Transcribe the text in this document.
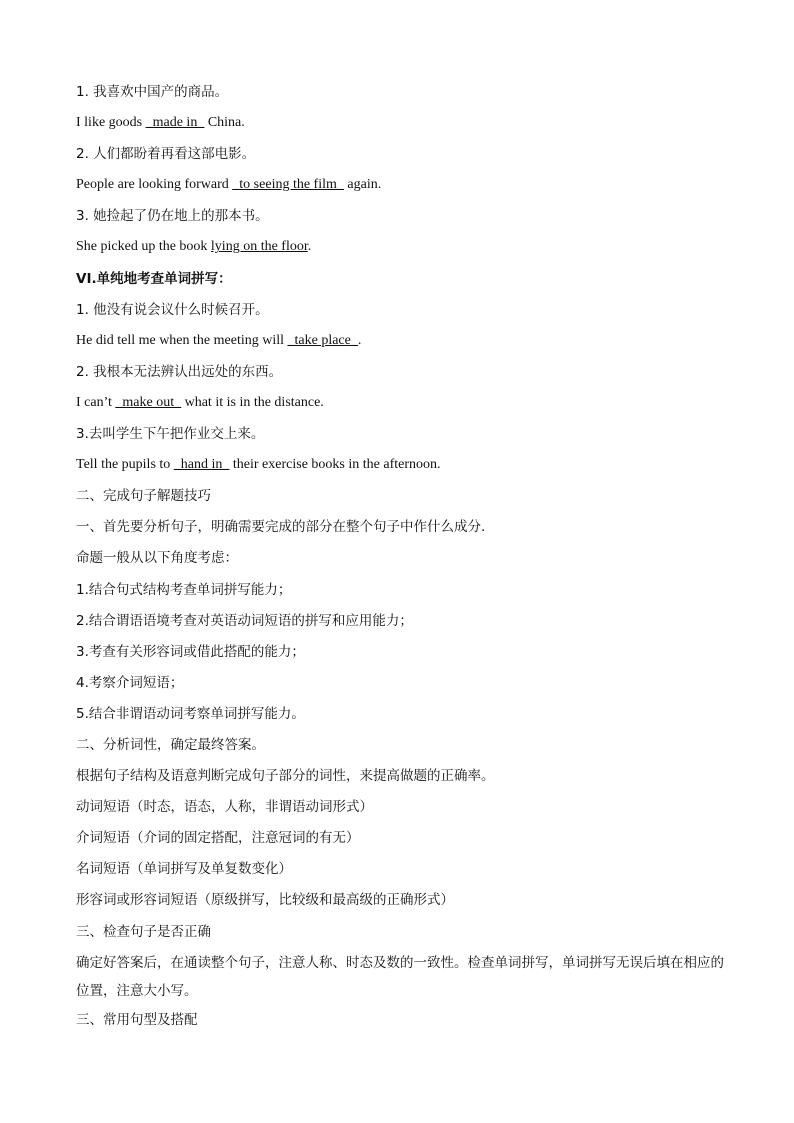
1. 我喜欢中国产的商品。
I like goods _made in_ China.
2. 人们都盼着再看这部电影。
People are looking forward _to seeing the film_ again.
3. 她捡起了仍在地上的那本书。
She picked up the book lying on the floor.
VI.单纯地考查单词拼写：
1. 他没有说会议什么时候召开。
He did tell me when the meeting will _take place_.
2. 我根本无法辨认出远处的东西。
I can’t _make out_ what it is in the distance.
3.去叫学生下午把作业交上来。
Tell the pupils to _hand in_ their exercise books in the afternoon.
二、完成句子解题技巧
一、首先要分析句子，明确需要完成的部分在整个句子中作什么成分.
命题一般从以下角度考虑：
1.结合句式结构考查单词拼写能力；
2.结合谓语语境考查对英语动词短语的拼写和应用能力；
3.考查有关形容词或借此搭配的能力；
4.考察介词短语；
5.结合非谓语动词考察单词拼写能力。
二、分析词性，确定最终答案。
根据句子结构及语意判断完成句子部分的词性，来提高做题的正确率。
动词短语（时态，语态，人称，非谓语动词形式）
介词短语（介词的固定搭配，注意冠词的有无）
名词短语（单词拼写及单复数变化）
形容词或形容词短语（原级拼写，比较级和最高级的正确形式）
三、检查句子是否正确
确定好答案后，在通读整个句子，注意人称、时态及数的一致性。检查单词拼写，单词拼写无误后填在相应的位置，注意大小写。
三、常用句型及搭配
